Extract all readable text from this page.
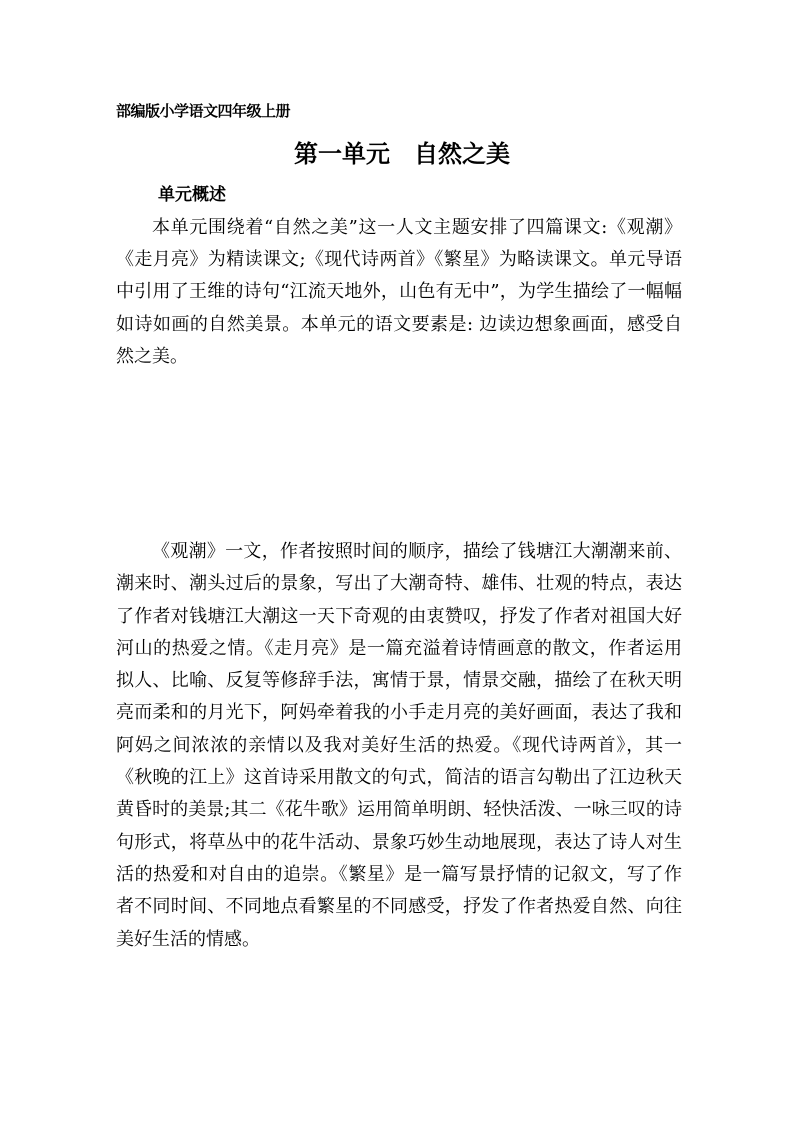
部编版小学语文四年级上册
第一单元　自然之美
单元概述

本单元围绕着“自然之美”这一人文主题安排了四篇课文:《观潮》《走月亮》为精读课文;《现代诗两首》《繁星》为略读课文。单元导语中引用了王维的诗句“江流天地外，山色有无中”，为学生描绘了一幅幅如诗如画的自然美景。本单元的语文要素是: 边读边想象画面，感受自然之美。

《观潮》一文，作者按照时间的顺序，描绘了钱塘江大潮潮来前、潮来时、潮头过后的景象，写出了大潮奇特、雄伟、壮观的特点，表达了作者对钱塘江大潮这一天下奇观的由衷赞叹，抒发了作者对祖国大好河山的热爱之情。《走月亮》是一篇充溢着诗情画意的散文，作者运用拟人、比喻、反复等修辞手法，寓情于景，情景交融，描绘了在秋天明亮而柔和的月光下，阿妈牵着我的小手走月亮的美好画面，表达了我和阿妈之间浓浓的亲情以及我对美好生活的热爱。《现代诗两首》，其一《秋晚的江上》这首诗采用散文的句式，简洁的语言勾勒出了江边秋天黄昏时的美景;其二《花牛歌》运用简单明朗、轻快活泼、一咏三叹的诗句形式，将草丛中的花牛活动、景象巧妙生动地展现，表达了诗人对生活的热爱和对自由的追崇。《繁星》是一篇写景抒情的记叙文，写了作者不同时间、不同地点看繁星的不同感受，抒发了作者热爱自然、向往美好生活的情感。
